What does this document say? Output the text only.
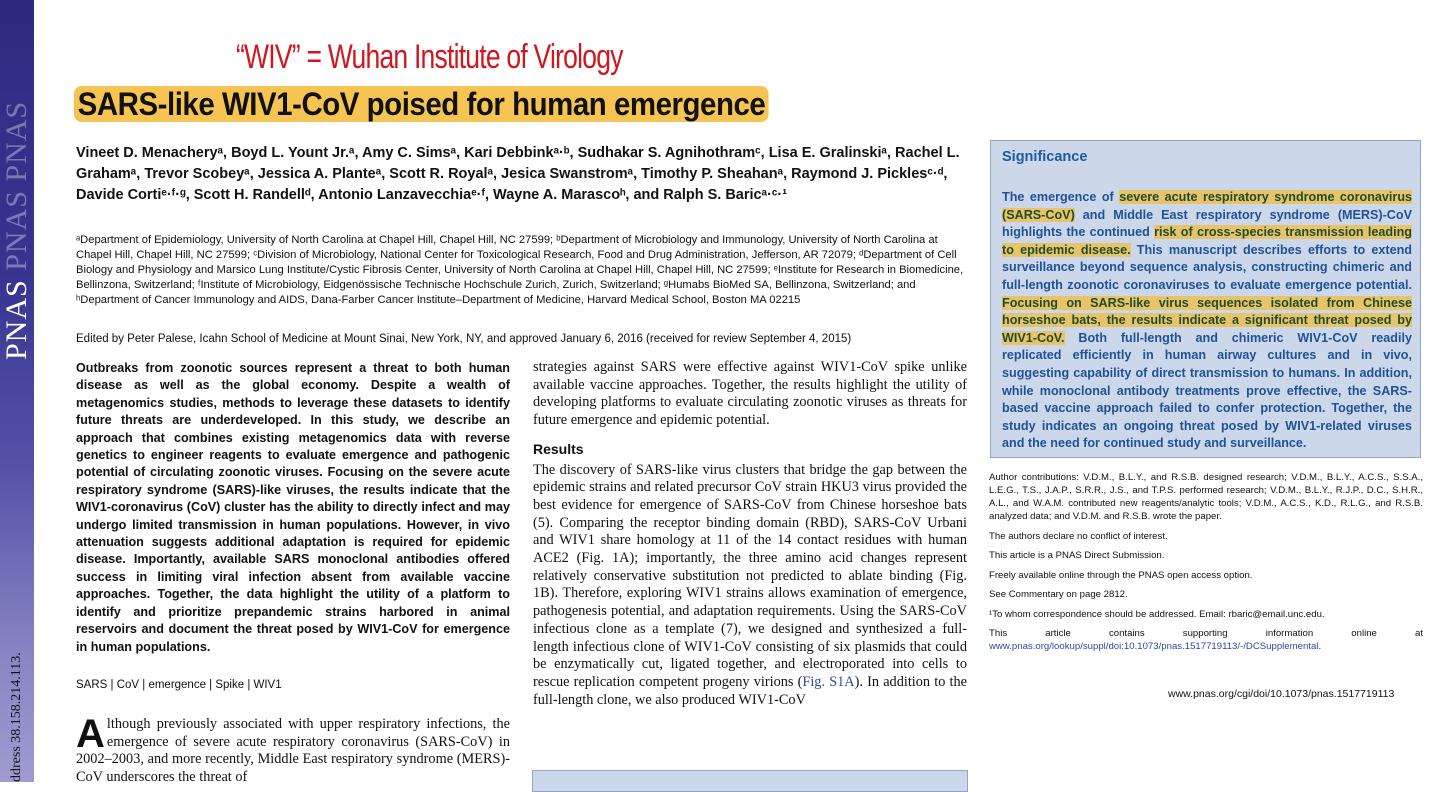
PNAS PNAS PNAS
ddress 38.158.214.113.
“WIV” = Wuhan Institute of Virology
SARS-like WIV1-CoV poised for human emergence
Vineet D. Menacheryᵃ, Boyd L. Yount Jr.ᵃ, Amy C. Simsᵃ, Kari Debbinkᵃ·ᵇ, Sudhakar S. Agnihothramᶜ, Lisa E. Gralinskiᵃ, Rachel L. Grahamᵃ, Trevor Scobeyᵃ, Jessica A. Planteᵃ, Scott R. Royalᵃ, Jesica Swanstromᵃ, Timothy P. Sheahanᵃ, Raymond J. Picklesᶜ·ᵈ, Davide Cortiᵉ·ᶠ·ᵍ, Scott H. Randellᵈ, Antonio Lanzavecchiaᵉ·ᶠ, Wayne A. Marascoʰ, and Ralph S. Baricᵃ·ᶜ·¹
ᵃDepartment of Epidemiology, University of North Carolina at Chapel Hill, Chapel Hill, NC 27599; ᵇDepartment of Microbiology and Immunology, University of North Carolina at Chapel Hill, Chapel Hill, NC 27599; ᶜDivision of Microbiology, National Center for Toxicological Research, Food and Drug Administration, Jefferson, AR 72079; ᵈDepartment of Cell Biology and Physiology and Marsico Lung Institute/Cystic Fibrosis Center, University of North Carolina at Chapel Hill, Chapel Hill, NC 27599; ᵉInstitute for Research in Biomedicine, Bellinzona, Switzerland; ᶠInstitute of Microbiology, Eidgenössische Technische Hochschule Zurich, Zurich, Switzerland; ᵍHumabs BioMed SA, Bellinzona, Switzerland; and ʰDepartment of Cancer Immunology and AIDS, Dana-Farber Cancer Institute–Department of Medicine, Harvard Medical School, Boston MA 02215
Edited by Peter Palese, Icahn School of Medicine at Mount Sinai, New York, NY, and approved January 6, 2016 (received for review September 4, 2015)
Outbreaks from zoonotic sources represent a threat to both human disease as well as the global economy. Despite a wealth of metagenomics studies, methods to leverage these datasets to identify future threats are underdeveloped. In this study, we describe an approach that combines existing metagenomics data with reverse genetics to engineer reagents to evaluate emergence and pathogenic potential of circulating zoonotic viruses. Focusing on the severe acute respiratory syndrome (SARS)-like viruses, the results indicate that the WIV1-coronavirus (CoV) cluster has the ability to directly infect and may undergo limited transmission in human populations. However, in vivo attenuation suggests additional adaptation is required for epidemic disease. Importantly, available SARS monoclonal antibodies offered success in limiting viral infection absent from available vaccine approaches. Together, the data highlight the utility of a platform to identify and prioritize prepandemic strains harbored in animal reservoirs and document the threat posed by WIV1-CoV for emergence in human populations.
SARS | CoV | emergence | Spike | WIV1
Although previously associated with upper respiratory infections, the emergence of severe acute respiratory coronavirus (SARS-CoV) in 2002–2003, and more recently, Middle East respiratory syndrome (MERS)-CoV underscores the threat of

strategies against SARS were effective against WIV1-CoV spike unlike available vaccine approaches. Together, the results highlight the utility of developing platforms to evaluate circulating zoonotic viruses as threats for future emergence and epidemic potential.

Results

The discovery of SARS-like virus clusters that bridge the gap between the epidemic strains and related precursor CoV strain HKU3 virus provided the best evidence for emergence of SARS-CoV from Chinese horseshoe bats (5). Comparing the receptor binding domain (RBD), SARS-CoV Urbani and WIV1 share homology at 11 of the 14 contact residues with human ACE2 (Fig. 1A); importantly, the three amino acid changes represent relatively conservative substitution not predicted to ablate binding (Fig. 1B). Therefore, exploring WIV1 strains allows examination of emergence, pathogenesis potential, and adaptation requirements. Using the SARS-CoV infectious clone as a template (7), we designed and synthesized a full-length infectious clone of WIV1-CoV consisting of six plasmids that could be enzymatically cut, ligated together, and electroporated into cells to rescue replication competent progeny virions (Fig. S1A). In addition to the full-length clone, we also produced WIV1-CoV

Significance
The emergence of severe acute respiratory syndrome coronavirus (SARS-CoV) and Middle East respiratory syndrome (MERS)-CoV highlights the continued risk of cross-species transmission leading to epidemic disease. This manuscript describes efforts to extend surveillance beyond sequence analysis, constructing chimeric and full-length zoonotic coronaviruses to evaluate emergence potential. Focusing on SARS-like virus sequences isolated from Chinese horseshoe bats, the results indicate a significant threat posed by WIV1-CoV. Both full-length and chimeric WIV1-CoV readily replicated efficiently in human airway cultures and in vivo, suggesting capability of direct transmission to humans. In addition, while monoclonal antibody treatments prove effective, the SARS-based vaccine approach failed to confer protection. Together, the study indicates an ongoing threat posed by WIV1-related viruses and the need for continued study and surveillance.

Author contributions: V.D.M., B.L.Y., and R.S.B. designed research; V.D.M., B.L.Y., A.C.S., S.S.A., L.E.G., T.S., J.A.P., S.R.R., J.S., and T.P.S. performed research; V.D.M., B.L.Y., R.J.P., D.C., S.H.R., A.L., and W.A.M. contributed new reagents/analytic tools; V.D.M., A.C.S., K.D., R.L.G., and R.S.B. analyzed data; and V.D.M. and R.S.B. wrote the paper.

The authors declare no conflict of interest.

This article is a PNAS Direct Submission.

Freely available online through the PNAS open access option.

See Commentary on page 2812.

¹To whom correspondence should be addressed. Email: rbaric@email.unc.edu.

This article contains supporting information online at www.pnas.org/lookup/suppl/doi:10.1073/pnas.1517719113/-/DCSupplemental.

www.pnas.org/cgi/doi/10.1073/pnas.1517719113
